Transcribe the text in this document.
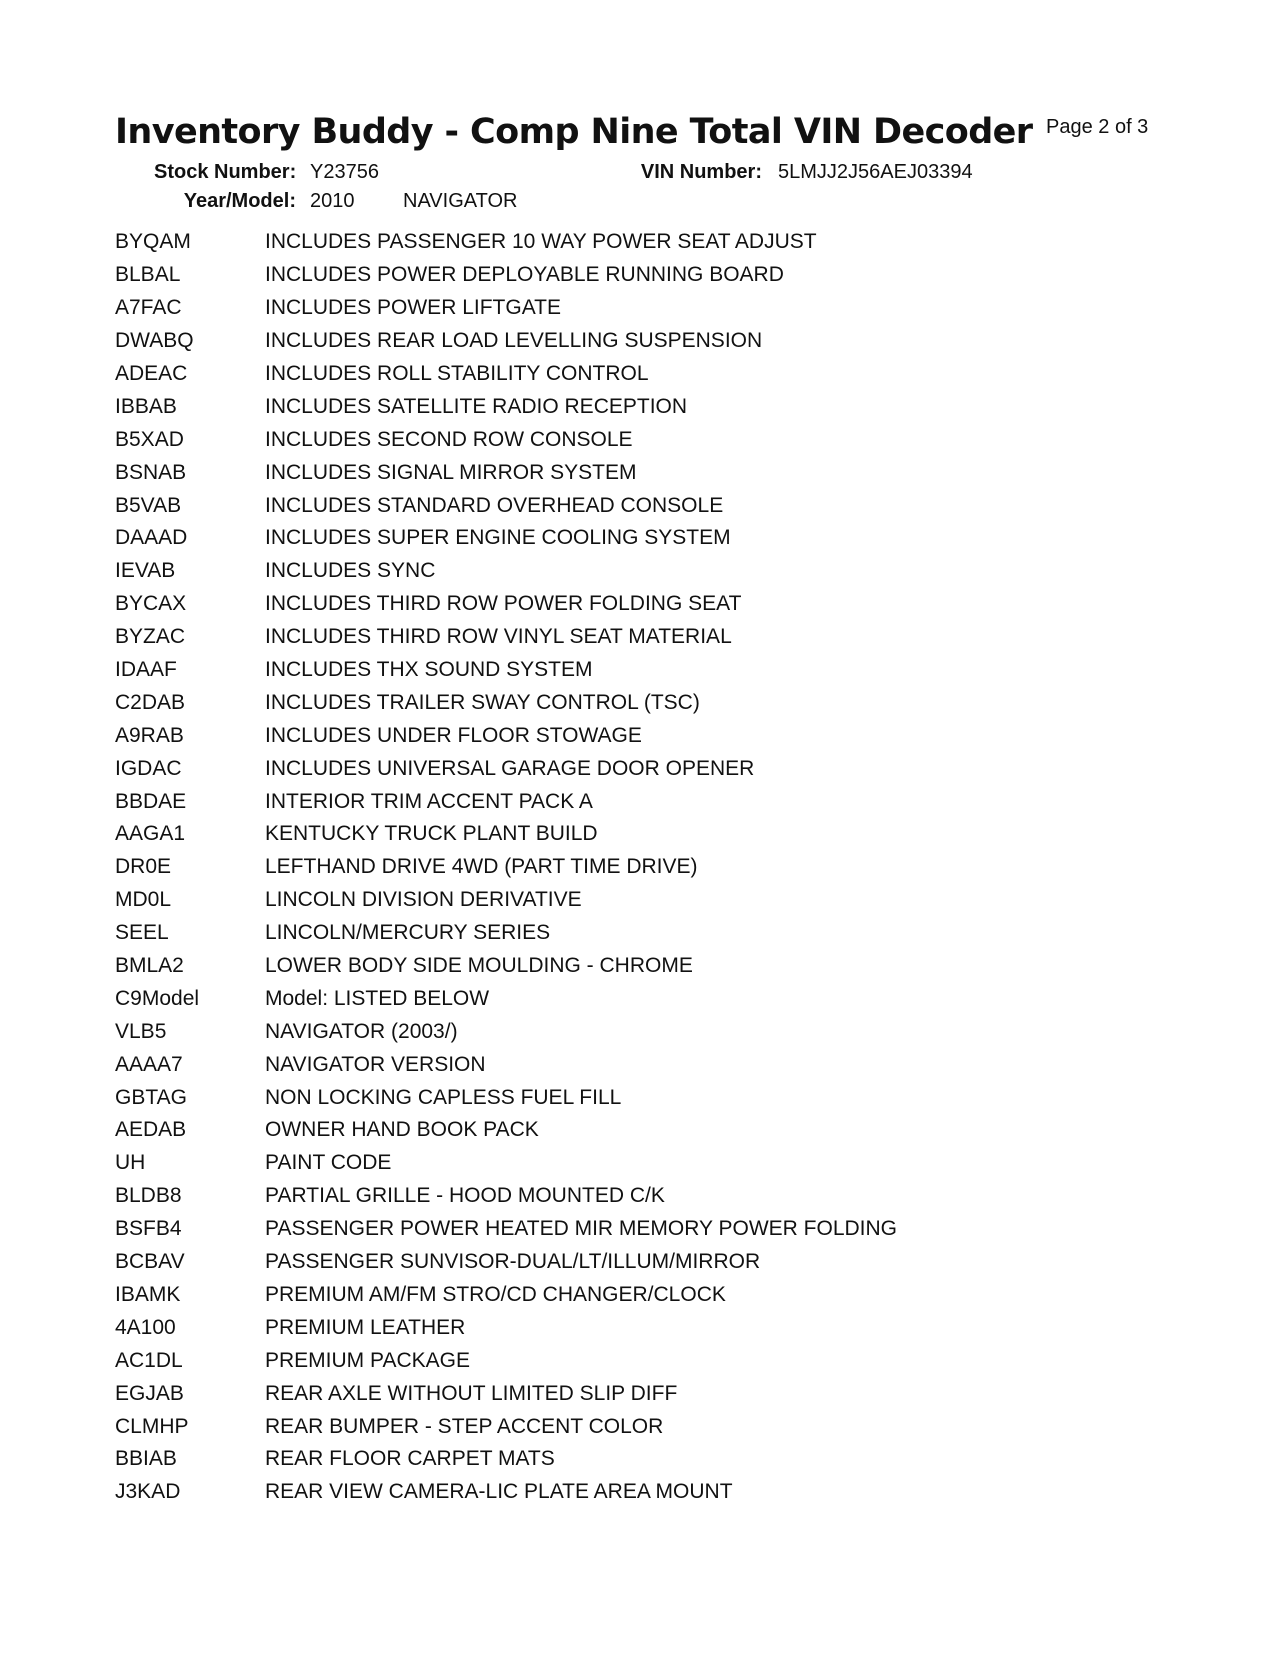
Inventory Buddy - Comp Nine Total VIN Decoder Page 2 of 3
Stock Number: Y23756	VIN Number: 5LMJJ2J56AEJ03394
Year/Model: 2010 NAVIGATOR
BYQAM	INCLUDES PASSENGER 10 WAY POWER SEAT ADJUST
BLBAL	INCLUDES POWER DEPLOYABLE RUNNING BOARD
A7FAC	INCLUDES POWER LIFTGATE
DWABQ	INCLUDES REAR LOAD LEVELLING SUSPENSION
ADEAC	INCLUDES ROLL STABILITY CONTROL
IBBAB	INCLUDES SATELLITE RADIO RECEPTION
B5XAD	INCLUDES SECOND ROW CONSOLE
BSNAB	INCLUDES SIGNAL MIRROR SYSTEM
B5VAB	INCLUDES STANDARD OVERHEAD CONSOLE
DAAAD	INCLUDES SUPER ENGINE COOLING SYSTEM
IEVAB	INCLUDES SYNC
BYCAX	INCLUDES THIRD ROW POWER FOLDING SEAT
BYZAC	INCLUDES THIRD ROW VINYL SEAT MATERIAL
IDAAF	INCLUDES THX SOUND SYSTEM
C2DAB	INCLUDES TRAILER SWAY CONTROL (TSC)
A9RAB	INCLUDES UNDER FLOOR STOWAGE
IGDAC	INCLUDES UNIVERSAL GARAGE DOOR OPENER
BBDAE	INTERIOR TRIM ACCENT PACK A
AAGA1	KENTUCKY TRUCK PLANT BUILD
DR0E	LEFTHAND DRIVE 4WD (PART TIME DRIVE)
MD0L	LINCOLN DIVISION DERIVATIVE
SEEL	LINCOLN/MERCURY SERIES
BMLA2	LOWER BODY SIDE MOULDING - CHROME
C9Model	Model: LISTED BELOW
VLB5	NAVIGATOR (2003/)
AAAA7	NAVIGATOR VERSION
GBTAG	NON LOCKING CAPLESS FUEL FILL
AEDAB	OWNER HAND BOOK PACK
UH	PAINT CODE
BLDB8	PARTIAL GRILLE - HOOD MOUNTED C/K
BSFB4	PASSENGER POWER HEATED MIR MEMORY POWER FOLDING
BCBAV	PASSENGER SUNVISOR-DUAL/LT/ILLUM/MIRROR
IBAMK	PREMIUM AM/FM STRO/CD CHANGER/CLOCK
4A100	PREMIUM LEATHER
AC1DL	PREMIUM PACKAGE
EGJAB	REAR AXLE WITHOUT LIMITED SLIP DIFF
CLMHP	REAR BUMPER - STEP ACCENT COLOR
BBIAB	REAR FLOOR CARPET MATS
J3KAD	REAR VIEW CAMERA-LIC PLATE AREA MOUNT
